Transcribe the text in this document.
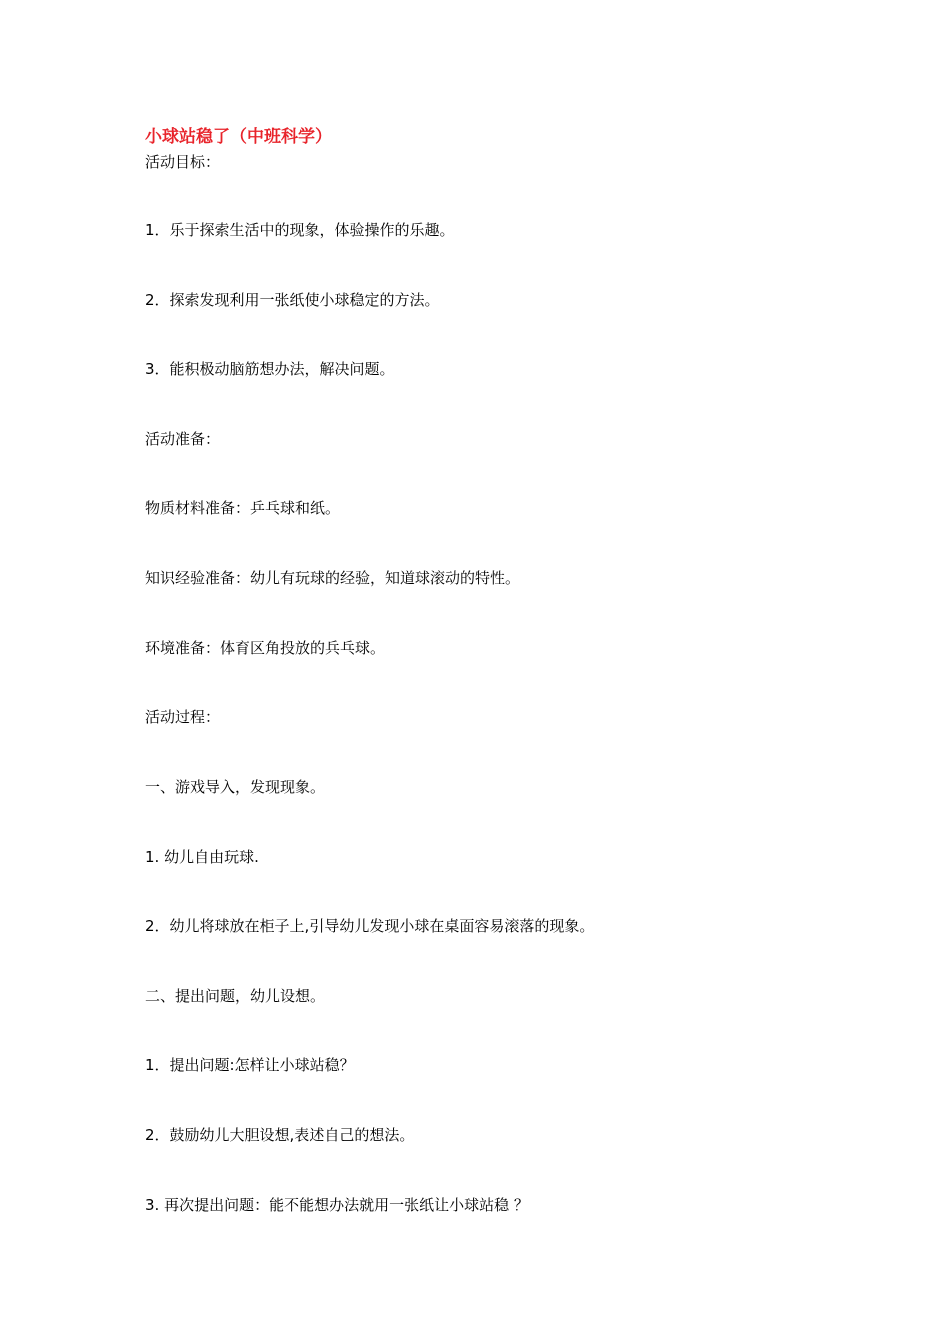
小球站稳了（中班科学）
活动目标：
1．乐于探索生活中的现象，体验操作的乐趣。
2．探索发现利用一张纸使小球稳定的方法。
3．能积极动脑筋想办法，解决问题。
活动准备：
物质材料准备：乒乓球和纸。
知识经验准备：幼儿有玩球的经验，知道球滚动的特性。
环境准备：体育区角投放的兵乓球。
活动过程：
一、游戏导入，发现现象。
1. 幼儿自由玩球.
2．幼儿将球放在柜子上,引导幼儿发现小球在桌面容易滚落的现象。
二、提出问题，幼儿设想。
1．提出问题:怎样让小球站稳？
2．鼓励幼儿大胆设想,表述自己的想法。
3. 再次提出问题：能不能想办法就用一张纸让小球站稳 ？
